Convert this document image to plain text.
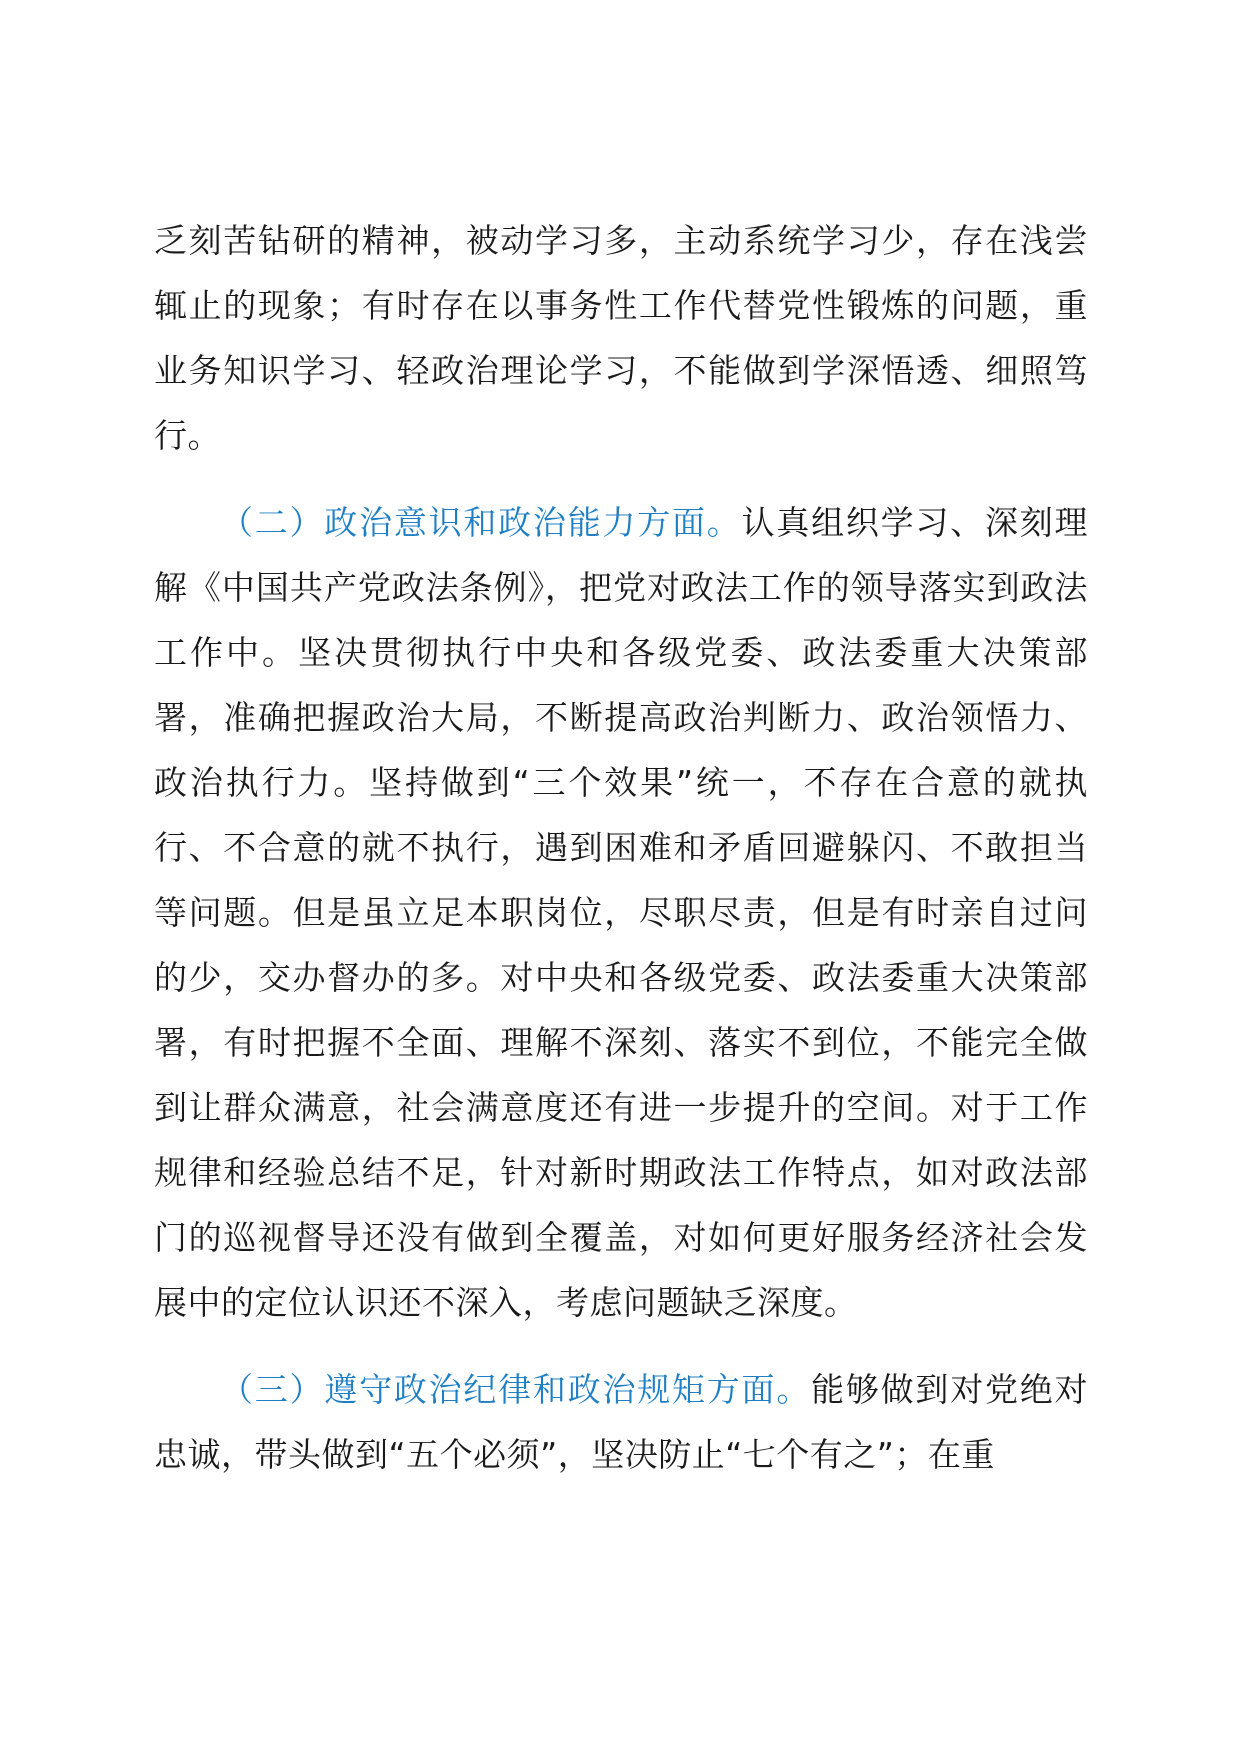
乏刻苦钻研的精神，被动学习多，主动系统学习少，存在浅尝辄止的现象；有时存在以事务性工作代替党性锻炼的问题，重业务知识学习、轻政治理论学习，不能做到学深悟透、细照笃行。

（二）政治意识和政治能力方面。认真组织学习、深刻理解《中国共产党政法条例》，把党对政法工作的领导落实到政法工作中。坚决贯彻执行中央和各级党委、政法委重大决策部署，准确把握政治大局，不断提高政治判断力、政治领悟力、政治执行力。坚持做到“三个效果”统一，不存在合意的就执行、不合意的就不执行，遇到困难和矛盾回避躲闪、不敢担当等问题。但是虽立足本职岗位，尽职尽责，但是有时亲自过问的少，交办督办的多。对中央和各级党委、政法委重大决策部署，有时把握不全面、理解不深刻、落实不到位，不能完全做到让群众满意，社会满意度还有进一步提升的空间。对于工作规律和经验总结不足，针对新时期政法工作特点，如对政法部门的巡视督导还没有做到全覆盖，对如何更好服务经济社会发展中的定位认识还不深入，考虑问题缺乏深度。

（三）遵守政治纪律和政治规矩方面。能够做到对党绝对忠诚，带头做到“五个必须”，坚决防止“七个有之”；在重
